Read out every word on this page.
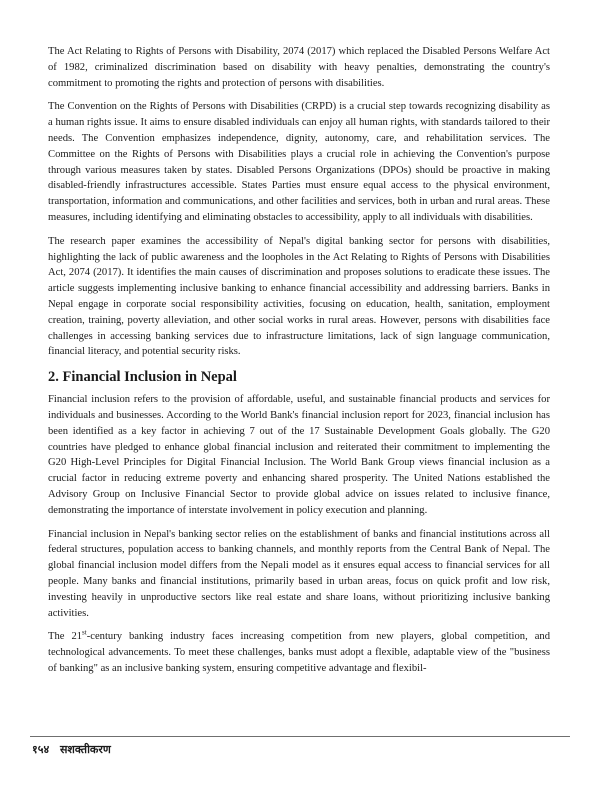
The Act Relating to Rights of Persons with Disability, 2074 (2017) which replaced the Disabled Persons Welfare Act of 1982, criminalized discrimination based on disability with heavy penalties, demonstrating the country's commitment to promoting the rights and protection of persons with disabilities.

The Convention on the Rights of Persons with Disabilities (CRPD) is a crucial step towards recognizing disability as a human rights issue. It aims to ensure disabled individuals can enjoy all human rights, with standards tailored to their needs. The Convention emphasizes independence, dignity, autonomy, care, and rehabilitation services. The Committee on the Rights of Persons with Disabilities plays a crucial role in achieving the Convention's purpose through various measures taken by states. Disabled Persons Organizations (DPOs) should be proactive in making disabled-friendly infrastructures accessible. States Parties must ensure equal access to the physical environment, transportation, information and communications, and other facilities and services, both in urban and rural areas. These measures, including identifying and eliminating obstacles to accessibility, apply to all individuals with disabilities.

The research paper examines the accessibility of Nepal's digital banking sector for persons with disabilities, highlighting the lack of public awareness and the loopholes in the Act Relating to Rights of Persons with Disabilities Act, 2074 (2017). It identifies the main causes of discrimination and proposes solutions to eradicate these issues. The article suggests implementing inclusive banking to enhance financial accessibility and addressing barriers. Banks in Nepal engage in corporate social responsibility activities, focusing on education, health, sanitation, employment creation, training, poverty alleviation, and other social works in rural areas. However, persons with disabilities face challenges in accessing banking services due to infrastructure limitations, lack of sign language communication, financial literacy, and potential security risks.

2. Financial Inclusion in Nepal

Financial inclusion refers to the provision of affordable, useful, and sustainable financial products and services for individuals and businesses. According to the World Bank's financial inclusion report for 2023, financial inclusion has been identified as a key factor in achieving 7 out of the 17 Sustainable Development Goals globally. The G20 countries have pledged to enhance global financial inclusion and reiterated their commitment to implementing the G20 High-Level Principles for Digital Financial Inclusion. The World Bank Group views financial inclusion as a crucial factor in reducing extreme poverty and enhancing shared prosperity. The United Nations established the Advisory Group on Inclusive Financial Sector to provide global advice on issues related to inclusive finance, demonstrating the importance of interstate involvement in policy execution and planning.

Financial inclusion in Nepal's banking sector relies on the establishment of banks and financial institutions across all federal structures, population access to banking channels, and monthly reports from the Central Bank of Nepal. The global financial inclusion model differs from the Nepali model as it ensures equal access to financial services for all people. Many banks and financial institutions, primarily based in urban areas, focus on quick profit and low risk, investing heavily in unproductive sectors like real estate and share loans, without prioritizing inclusive banking activities.

The 21st-century banking industry faces increasing competition from new players, global competition, and technological advancements. To meet these challenges, banks must adopt a flexible, adaptable view of the "business of banking" as an inclusive banking system, ensuring competitive advantage and flexibil-

१५४ सशक्तीकरण
